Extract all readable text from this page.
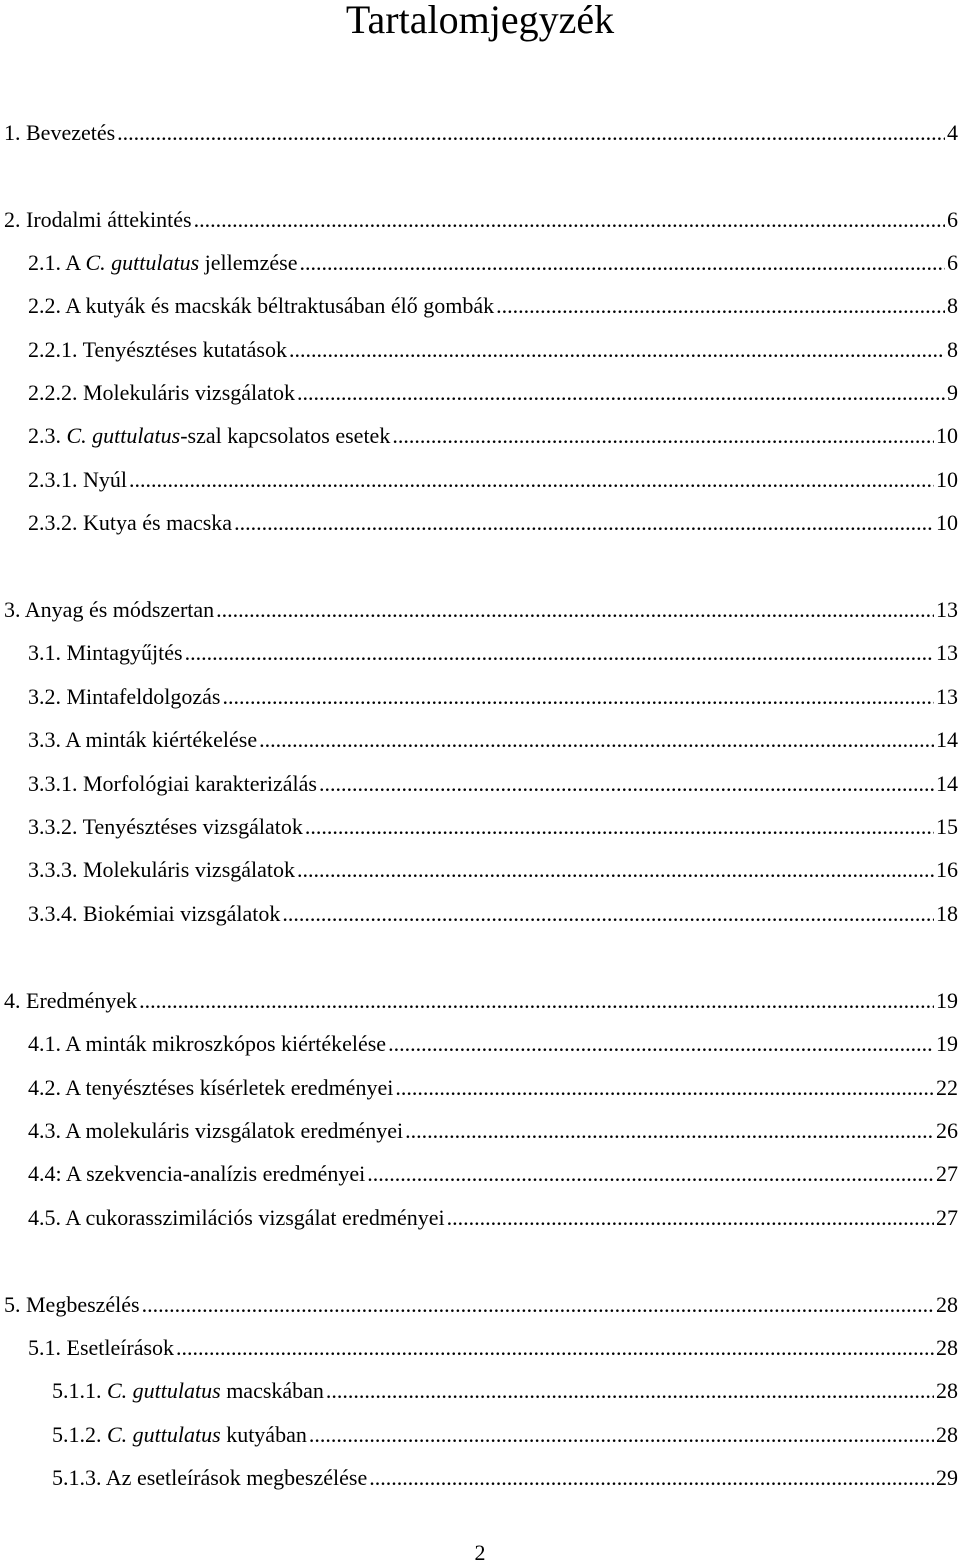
Tartalomjegyzék
1. Bevezetés .....	4
2. Irodalmi áttekintés .....	6
2.1. A C. guttulatus jellemzése .....	6
2.2. A kutyák és macskák béltraktusában élő gombák .....	8
2.2.1. Tenyésztéses kutatások .....	8
2.2.2. Molekuláris vizsgálatok .....	9
2.3. C. guttulatus-szal kapcsolatos esetek .....	10
2.3.1. Nyúl .....	10
2.3.2. Kutya és macska .....	10
3. Anyag és módszertan .....	13
3.1. Mintagyűjtés .....	13
3.2. Mintafeldolgozás .....	13
3.3. A minták kiértékelése .....	14
3.3.1. Morfológiai karakterizálás .....	14
3.3.2. Tenyésztéses vizsgálatok .....	15
3.3.3. Molekuláris vizsgálatok .....	16
3.3.4. Biokémiai vizsgálatok .....	18
4. Eredmények .....	19
4.1. A minták mikroszkópos kiértékelése .....	19
4.2. A tenyésztéses kísérletek eredményei .....	22
4.3. A molekuláris vizsgálatok eredményei .....	26
4.4: A szekvencia-analízis eredményei .....	27
4.5. A cukorasszimilációs vizsgálat eredményei .....	27
5. Megbeszélés .....	28
5.1. Esetleírások .....	28
5.1.1. C. guttulatus macskában .....	28
5.1.2. C. guttulatus kutyában .....	28
5.1.3. Az esetleírások megbeszélése .....	29
2
